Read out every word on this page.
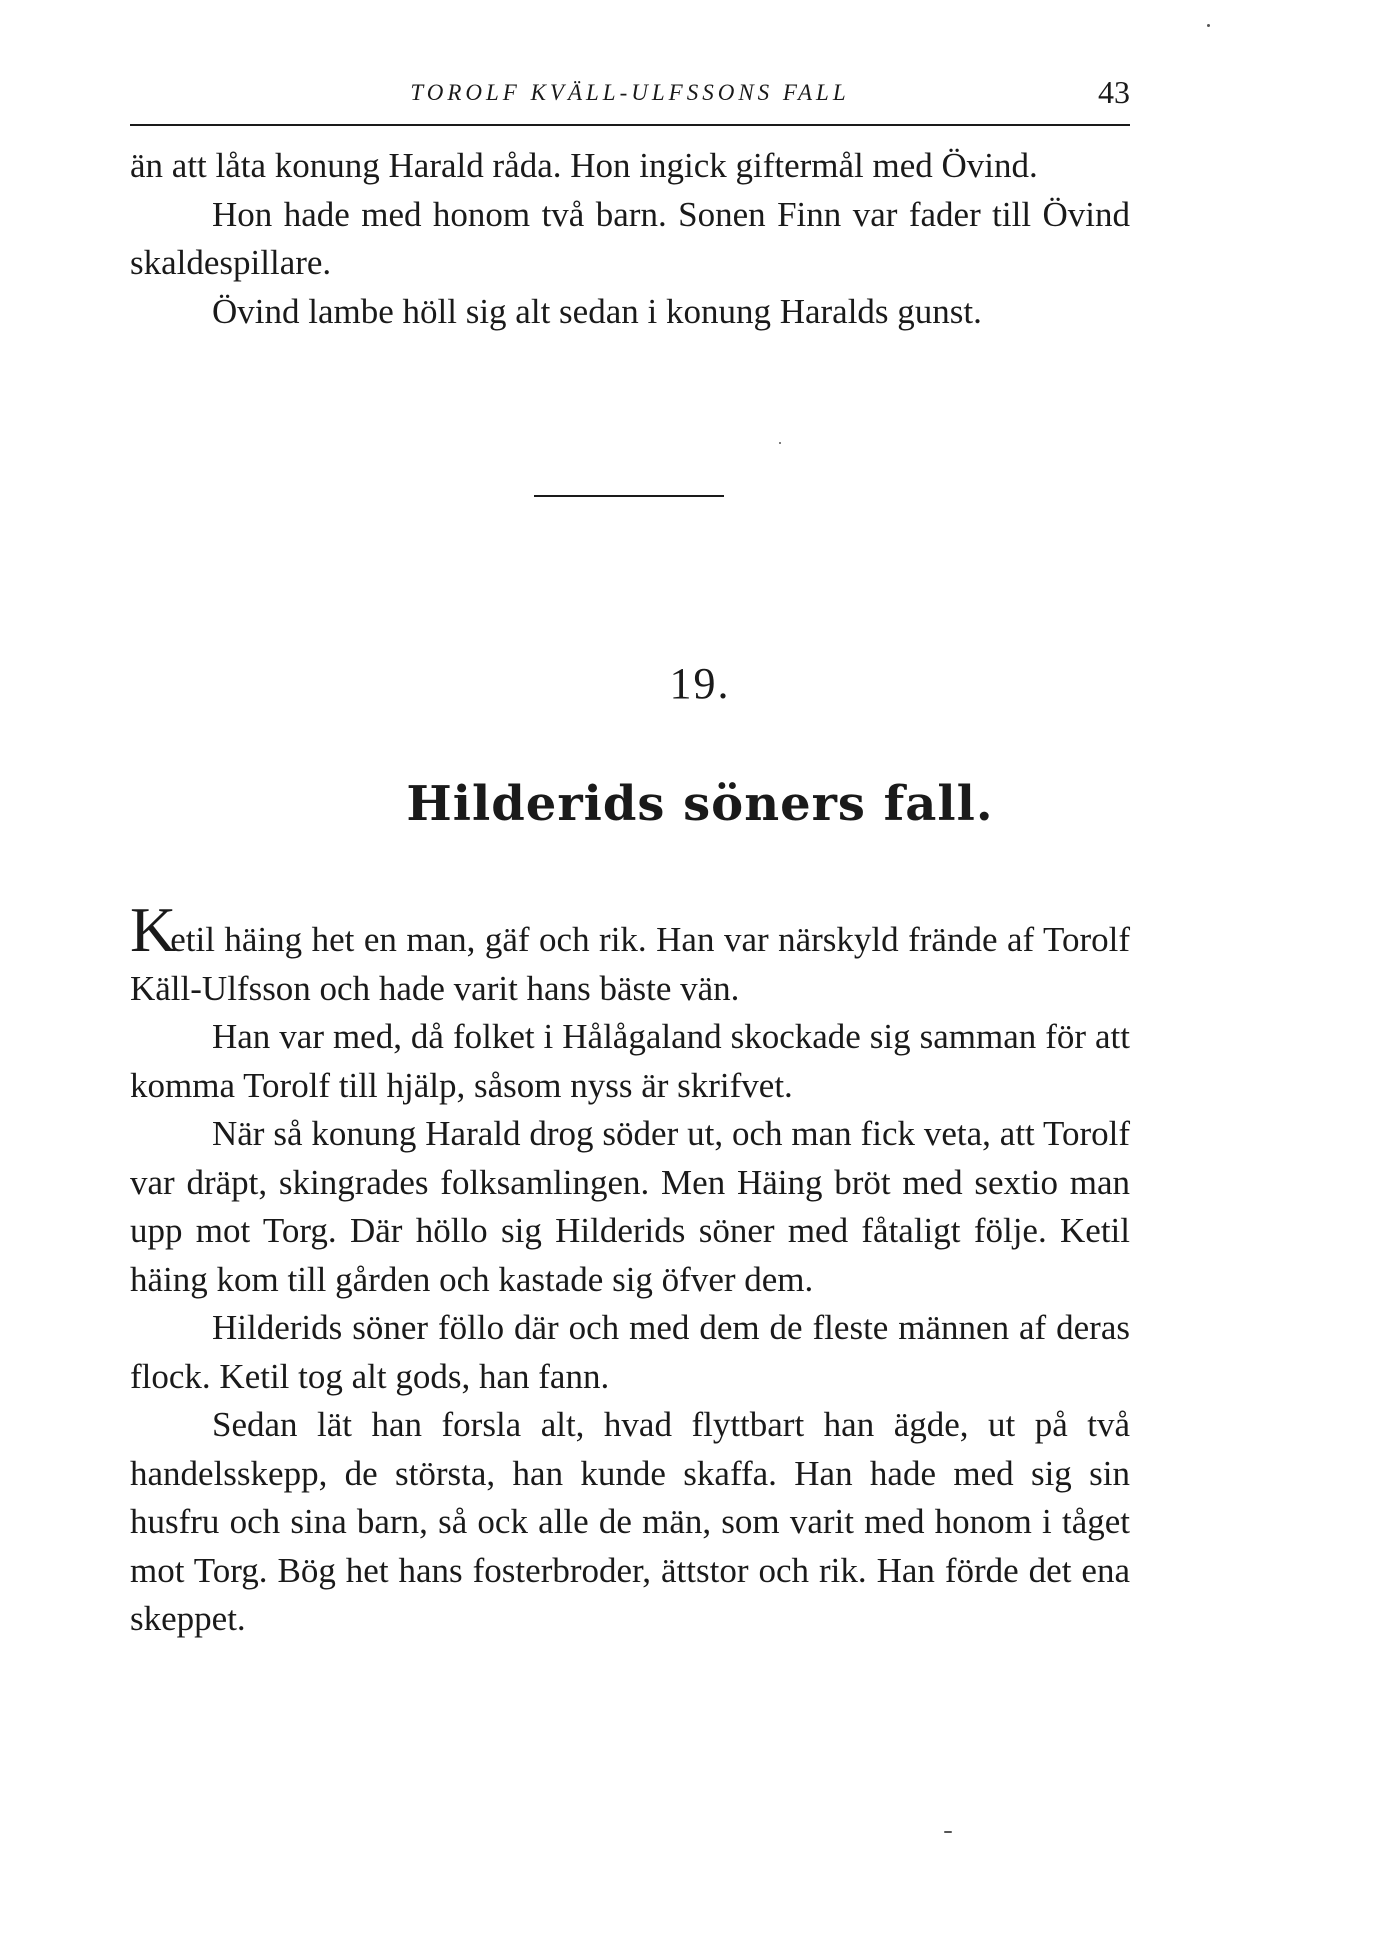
TOROLF KVÄLL-ULFSSONS FALL	43

än att låta konung Harald råda. Hon ingick giftermål med Övind.

Hon hade med honom två barn. Sonen Finn var fader till Övind skaldespillare.

Övind lambe höll sig alt sedan i konung Haralds gunst.

19.
Hilderids söners fall.

Ketil häing het en man, gäf och rik. Han var närskyld frände af Torolf Käll-Ulfsson och hade varit hans bäste vän.

Han var med, då folket i Hålågaland skockade sig samman för att komma Torolf till hjälp, såsom nyss är skrifvet.

När så konung Harald drog söder ut, och man fick veta, att Torolf var dräpt, skingrades folksamlingen. Men Häing bröt med sextio man upp mot Torg. Där höllo sig Hilderids söner med fåtaligt följe. Ketil häing kom till gården och kastade sig öfver dem.

Hilderids söner föllo där och med dem de fleste männen af deras flock. Ketil tog alt gods, han fann.

Sedan lät han forsla alt, hvad flyttbart han ägde, ut på två handelsskepp, de största, han kunde skaffa. Han hade med sig sin husfru och sina barn, så ock alle de män, som varit med honom i tåget mot Torg. Bög het hans fosterbroder, ättstor och rik. Han förde det ena skeppet.
